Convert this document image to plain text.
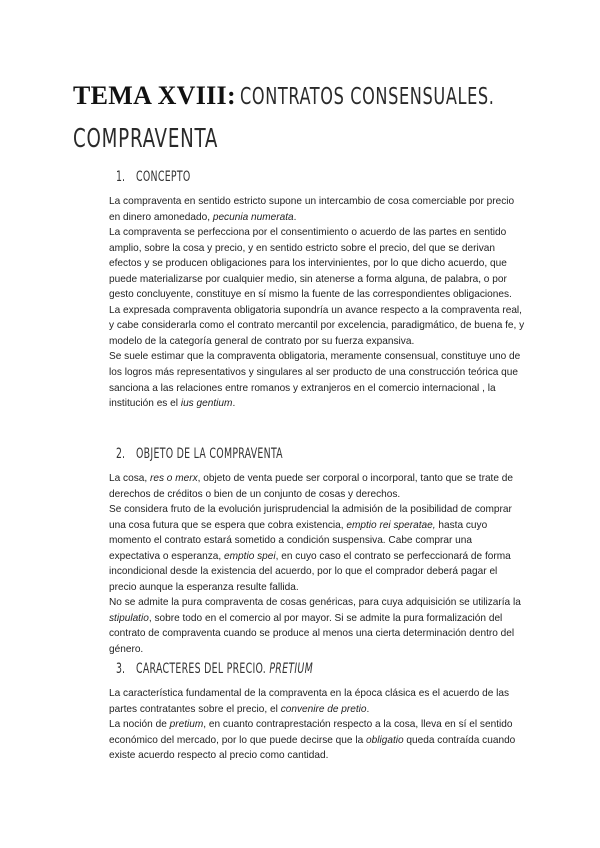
TEMA XVIII: CONTRATOS CONSENSUALES.
COMPRAVENTA
1. CONCEPTO

La compraventa en sentido estricto supone un intercambio de cosa comerciable por precio en dinero amonedado, pecunia numerata.

La compraventa se perfecciona por el consentimiento o acuerdo de las partes en sentido amplio, sobre la cosa y precio, y en sentido estricto sobre el precio, del que se derivan efectos y se producen obligaciones para los intervinientes, por lo que dicho acuerdo, que puede materializarse por cualquier medio, sin atenerse a forma alguna, de palabra, o por gesto concluyente, constituye en sí mismo la fuente de las correspondientes obligaciones.

La expresada compraventa obligatoria supondría un avance respecto a la compraventa real, y cabe considerarla como el contrato mercantil por excelencia, paradigmático, de buena fe, y modelo de la categoría general de contrato por su fuerza expansiva.

Se suele estimar que la compraventa obligatoria, meramente consensual, constituye uno de los logros más representativos y singulares al ser producto de una construcción teórica que sanciona a las relaciones entre romanos y extranjeros en el comercio internacional , la institución es el ius gentium.

2. OBJETO DE LA COMPRAVENTA

La cosa, res o merx, objeto de venta puede ser corporal o incorporal, tanto que se trate de derechos de créditos o bien de un conjunto de cosas y derechos.

Se considera fruto de la evolución jurisprudencial la admisión de la posibilidad de comprar una cosa futura que se espera que cobra existencia, emptio rei speratae, hasta cuyo momento el contrato estará sometido a condición suspensiva. Cabe comprar una expectativa o esperanza, emptio spei, en cuyo caso el contrato se perfeccionará de forma incondicional desde la existencia del acuerdo, por lo que el comprador deberá pagar el precio aunque la esperanza resulte fallida.

No se admite la pura compraventa de cosas genéricas, para cuya adquisición se utilizaría la stipulatio, sobre todo en el comercio al por mayor. Si se admite la pura formalización del contrato de compraventa cuando se produce al menos una cierta determinación dentro del género.

3. CARACTERES DEL PRECIO. PRETIUM

La característica fundamental de la compraventa en la época clásica es el acuerdo de las partes contratantes sobre el precio, el convenire de pretio.

La noción de pretium, en cuanto contraprestación respecto a la cosa, lleva en sí el sentido económico del mercado, por lo que puede decirse que la obligatio queda contraída cuando existe acuerdo respecto al precio como cantidad.
